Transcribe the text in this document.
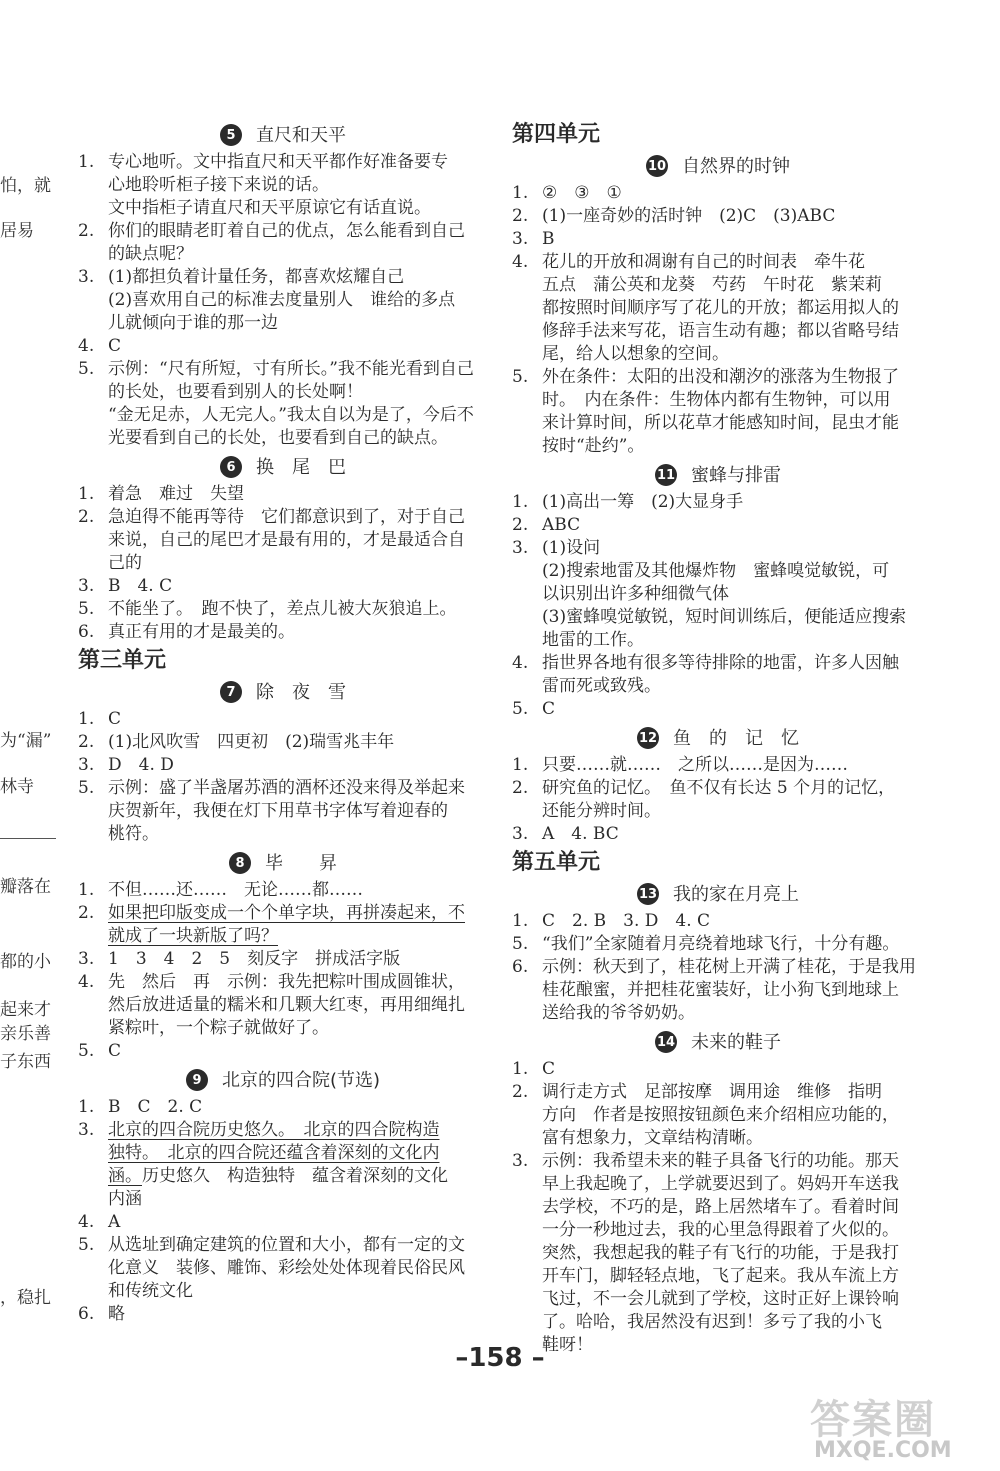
怕，就
居易
为“漏”
林寺
瓣落在
都的小
起来才
亲乐善
子东西
，稳扎
5	直尺和天平
1. 专心地听。文中指直尺和天平都作好准备要专
心地聆听柜子接下来说的话。
文中指柜子请直尺和天平原谅它有话直说。
2. 你们的眼睛老盯着自己的优点，怎么能看到自己
的缺点呢？
3. (1)都担负着计量任务，都喜欢炫耀自己
(2)喜欢用自己的标准去度量别人　谁给的多点
儿就倾向于谁的那一边
4. C
5. 示例：“尺有所短，寸有所长。”我不能光看到自己
的长处，也要看到别人的长处啊！
“金无足赤，人无完人。”我太自以为是了，今后不
光要看到自己的长处，也要看到自己的缺点。
6	换　尾　巴
1. 着急　难过　失望
2. 急迫得不能再等待　它们都意识到了，对于自己
来说，自己的尾巴才是最有用的，才是最适合自
己的
3. B　4. C
5. 不能坐了。　跑不快了，差点儿被大灰狼追上。
6. 真正有用的才是最美的。
第三单元
7	除　夜　雪
1. C
2. (1)北风吹雪　四更初　(2)瑞雪兆丰年
3. D　4. D
5. 示例：盛了半盏屠苏酒的酒杯还没来得及举起来
庆贺新年，我便在灯下用草书字体写着迎春的
桃符。
8	毕　　昇
1. 不但……还……　无论……都……
2. 如果把印版变成一个个单字块，再拼凑起来，不
就成了一块新版了吗？
3. 1　3　4　2　5　刻反字　拼成活字版
4. 先　然后　再　示例：我先把粽叶围成圆锥状，
然后放进适量的糯米和几颗大红枣，再用细绳扎
紧粽叶，一个粽子就做好了。
5. C
9	北京的四合院(节选)
1. B　C　2. C
3. 北京的四合院历史悠久。　北京的四合院构造
独特。　北京的四合院还蕴含着深刻的文化内
涵。历史悠久　构造独特　蕴含着深刻的文化
内涵
4. A
5. 从选址到确定建筑的位置和大小，都有一定的文
化意义　装修、雕饰、彩绘处处体现着民俗民风
和传统文化
6. 略
第四单元
10 自然界的时钟
1. ②　③　①
2. (1)一座奇妙的活时钟　(2)C　(3)ABC
3. B
4. 花儿的开放和凋谢有自己的时间表　牵牛花
五点　蒲公英和龙葵　芍药　午时花　紫茉莉
都按照时间顺序写了花儿的开放；都运用拟人的
修辞手法来写花，语言生动有趣；都以省略号结
尾，给人以想象的空间。
5. 外在条件：太阳的出没和潮汐的涨落为生物报了
时。　内在条件：生物体内都有生物钟，可以用
来计算时间，所以花草才能感知时间，昆虫才能
按时“赴约”。
11 蜜蜂与排雷
1. (1)高出一筹　(2)大显身手
2. ABC
3. (1)设问
(2)搜索地雷及其他爆炸物　蜜蜂嗅觉敏锐，可
以识别出许多种细微气体
(3)蜜蜂嗅觉敏锐，短时间训练后，便能适应搜索
地雷的工作。
4. 指世界各地有很多等待排除的地雷，许多人因触
雷而死或致残。
5. C
12 鱼　的　记　忆
1. 只要……就……　之所以……是因为……
2. 研究鱼的记忆。　鱼不仅有长达 5 个月的记忆，
还能分辨时间。
3. A　4. BC
第五单元
13 我的家在月亮上
1. C　2. B　3. D　4. C
5. “我们”全家随着月亮绕着地球飞行，十分有趣。
6. 示例：秋天到了，桂花树上开满了桂花，于是我用
桂花酿蜜，并把桂花蜜装好，让小狗飞到地球上
送给我的爷爷奶奶。
14 未来的鞋子
1. C
2. 调行走方式　足部按摩　调用途　维修　指明
方向　作者是按照按钮颜色来介绍相应功能的，
富有想象力，文章结构清晰。
3. 示例：我希望未来的鞋子具备飞行的功能。那天
早上我起晚了，上学就要迟到了。妈妈开车送我
去学校，不巧的是，路上居然堵车了。看着时间
一分一秒地过去，我的心里急得跟着了火似的。
突然，我想起我的鞋子有飞行的功能，于是我打
开车门，脚轻轻点地，飞了起来。我从车流上方
飞过，不一会儿就到了学校，这时正好上课铃响
了。哈哈，我居然没有迟到！多亏了我的小飞
鞋呀！
–158 –
答案圈
MXQE.COM
